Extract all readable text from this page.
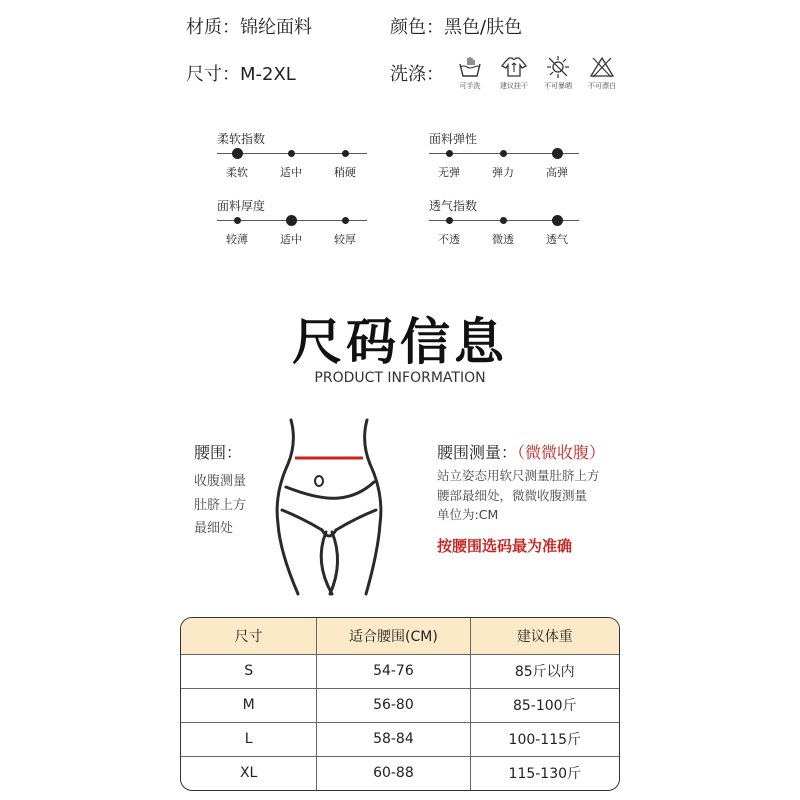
材质：锦纶面料	颜色：黑色/肤色
尺寸：M-2XL	洗涤：
可手洗	建议挂干	不可暴晒	不可漂白
柔软指数
柔软	适中	稍硬
面料弹性
无弹	弹力	高弹
面料厚度
较薄	适中	较厚
透气指数
不透	微透	透气
尺码信息
PRODUCT INFORMATION
腰围：
收腹测量
肚脐上方
最细处
腰围测量：（微微收腹）
站立姿态用软尺测量肚脐上方
腰部最细处，微微收腹测量
单位为:CM
按腰围选码最为准确
尺寸	适合腰围(CM)	建议体重
S	54-76	85斤以内
M	56-80	85-100斤
L	58-84	100-115斤
XL	60-88	115-130斤
